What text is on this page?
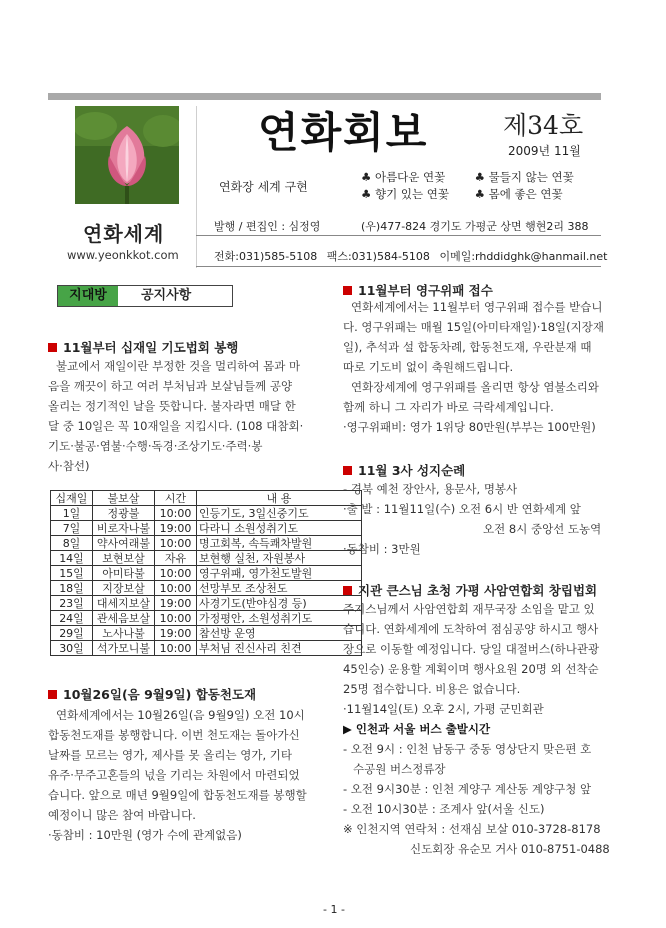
연화회보	제34호
2009년 11월
연화장 세계 구현
♣ 아름다운 연꽃	♣ 물들지 않는 연꽃
♣ 향기 있는 연꽃 ♣ 몸에 좋은 연꽃
연화세계
www.yeonkkot.com
발행 / 편집인 : 심정영	(우)477-824 경기도 가평군 상면 행현2리 388
전화:031)585-5108 팩스:031)584-5108 이메일:rhddidghk@hanmail.net
지대방	공지사항
11월부터 십재일 기도법회 봉행
불교에서 재일이란 부정한 것을 멀리하여 몸과 마
음을 깨끗이 하고 여러 부처님과 보살님들께 공양
올리는 정기적인 날을 뜻합니다. 불자라면 매달 한
달 중 10일은 꼭 10재일을 지킵시다. (108 대참회·
기도·불공·염불·수행·독경·조상기도·주력·봉
사·참선)
십재일	불보살	시간	내 용
1일	정광불	10:00	인등기도, 3일신중기도
7일	비로자나불	19:00	다라니 소원성취기도
8일	약사여래불	10:00	명고회복, 속득쾌차발원
14일	보현보살	자유	보현행 실천, 자원봉사
15일	아미타불	10:00	영구위패, 영가천도발원
18일	지장보살	10:00	선망부모 조상천도
23일	대세지보살	19:00	사경기도(반야심경 등)
24일	관세음보살	10:00	가정평안, 소원성취기도
29일	노사나불	19:00	참선방 운영
30일	석가모니불	10:00	부처님 진신사리 친견
10월26일(음 9월9일) 합동천도재
연화세계에서는 10월26일(음 9월9일) 오전 10시
합동천도재를 봉행합니다. 이번 천도재는 돌아가신
날짜를 모르는 영가, 제사를 못 올리는 영가, 기타
유주·무주고혼들의 넋을 기리는 차원에서 마련되었
습니다. 앞으로 매년 9월9일에 합동천도재를 봉행할
예정이니 많은 참여 바랍니다.
·동참비 : 10만원 (영가 수에 관계없음)
11월부터 영구위패 접수
연화세계에서는 11월부터 영구위패 접수를 받습니
다. 영구위패는 매월 15일(아미타재일)·18일(지장재
일), 추석과 설 합동차례, 합동천도재, 우란분재 때
따로 기도비 없이 축원해드립니다.
연화장세계에 영구위패를 올리면 항상 염불소리와
함께 하니 그 자리가 바로 극락세계입니다.
·영구위패비: 영가 1위당 80만원(부부는 100만원)
11월 3사 성지순례
- 경북 예천 장안사, 용문사, 명봉사
·출 발 : 11월11일(수) 오전 6시 반 연화세계 앞
오전 8시 중앙선 도농역
·동참비 : 3만원
지관 큰스님 초청 가평 사암연합회 창립법회
주지스님께서 사암연합회 재무국장 소임을 맡고 있
습니다. 연화세계에 도착하여 점심공양 하시고 행사
장으로 이동할 예정입니다. 당일 대절버스(하나관광
45인승) 운용할 계획이며 행사요원 20명 외 선착순
25명 접수합니다. 비용은 없습니다.
·11월14일(토) 오후 2시, 가평 군민회관
▶ 인천과 서울 버스 출발시간
- 오전 9시 : 인천 남동구 중동 영상단지 맞은편 호
수공원 버스정류장
- 오전 9시30분 : 인천 계양구 계산동 계양구청 앞
- 오전 10시30분 : 조계사 앞(서울 신도)
※ 인천지역 연락처 : 선재심 보살 010-3728-8178
신도회장 유순모 거사 010-8751-0488
- 1 -
